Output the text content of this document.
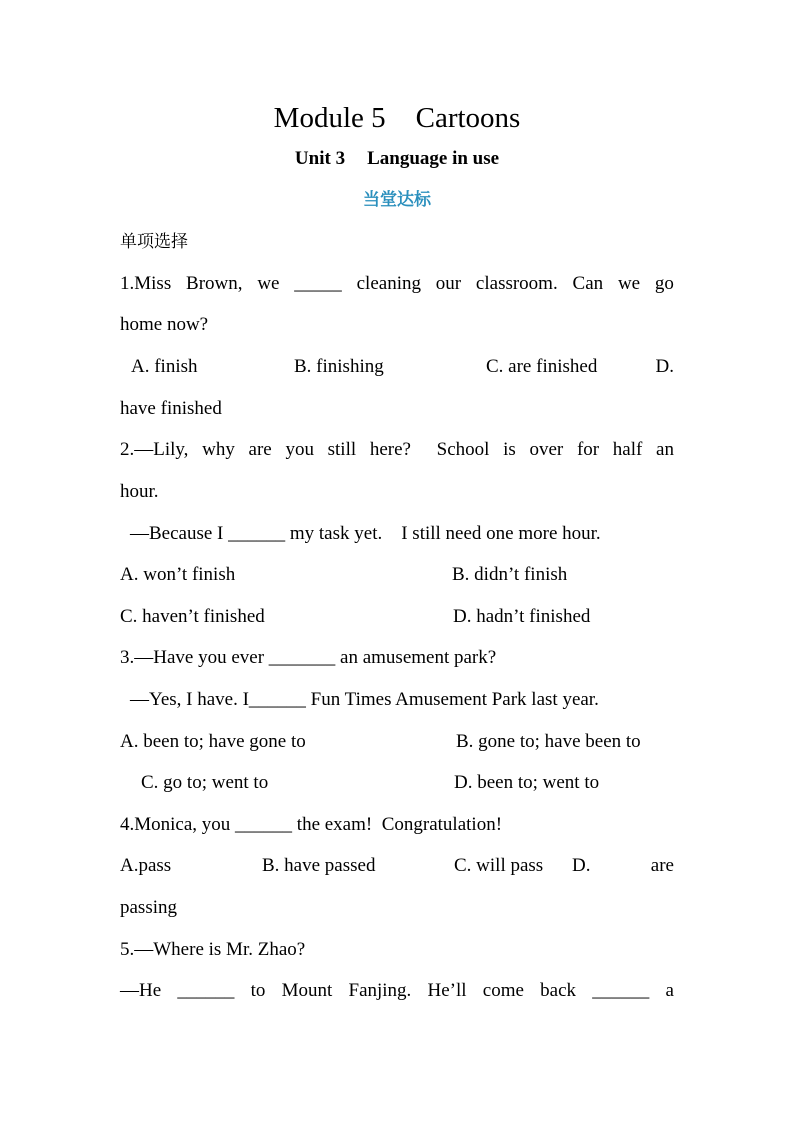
Module 5 Cartoons
Unit 3 Language in use
当堂达标
单项选择
1.Miss Brown, we _____ cleaning our classroom. Can we go
home now?
A. finish	B. finishing	C. are finished	D.
have finished
2.—Lily, why are you still here? School is over for half an
hour.
—Because I ______ my task yet.    I still need one more hour.
A. won’t finish	B. didn’t finish
C. haven’t finished	D. hadn’t finished
3.—Have you ever _______ an amusement park?
—Yes, I have. I______ Fun Times Amusement Park last year.
A. been to; have gone to	B. gone to; have been to
C. go to; went to	D. been to; went to
4.Monica, you ______ the exam!  Congratulation!
A.pass	B. have passed	C. will pass D.	are
passing
5.—Where is Mr. Zhao?
—He ______ to Mount Fanjing. He’ll come back ______ a
